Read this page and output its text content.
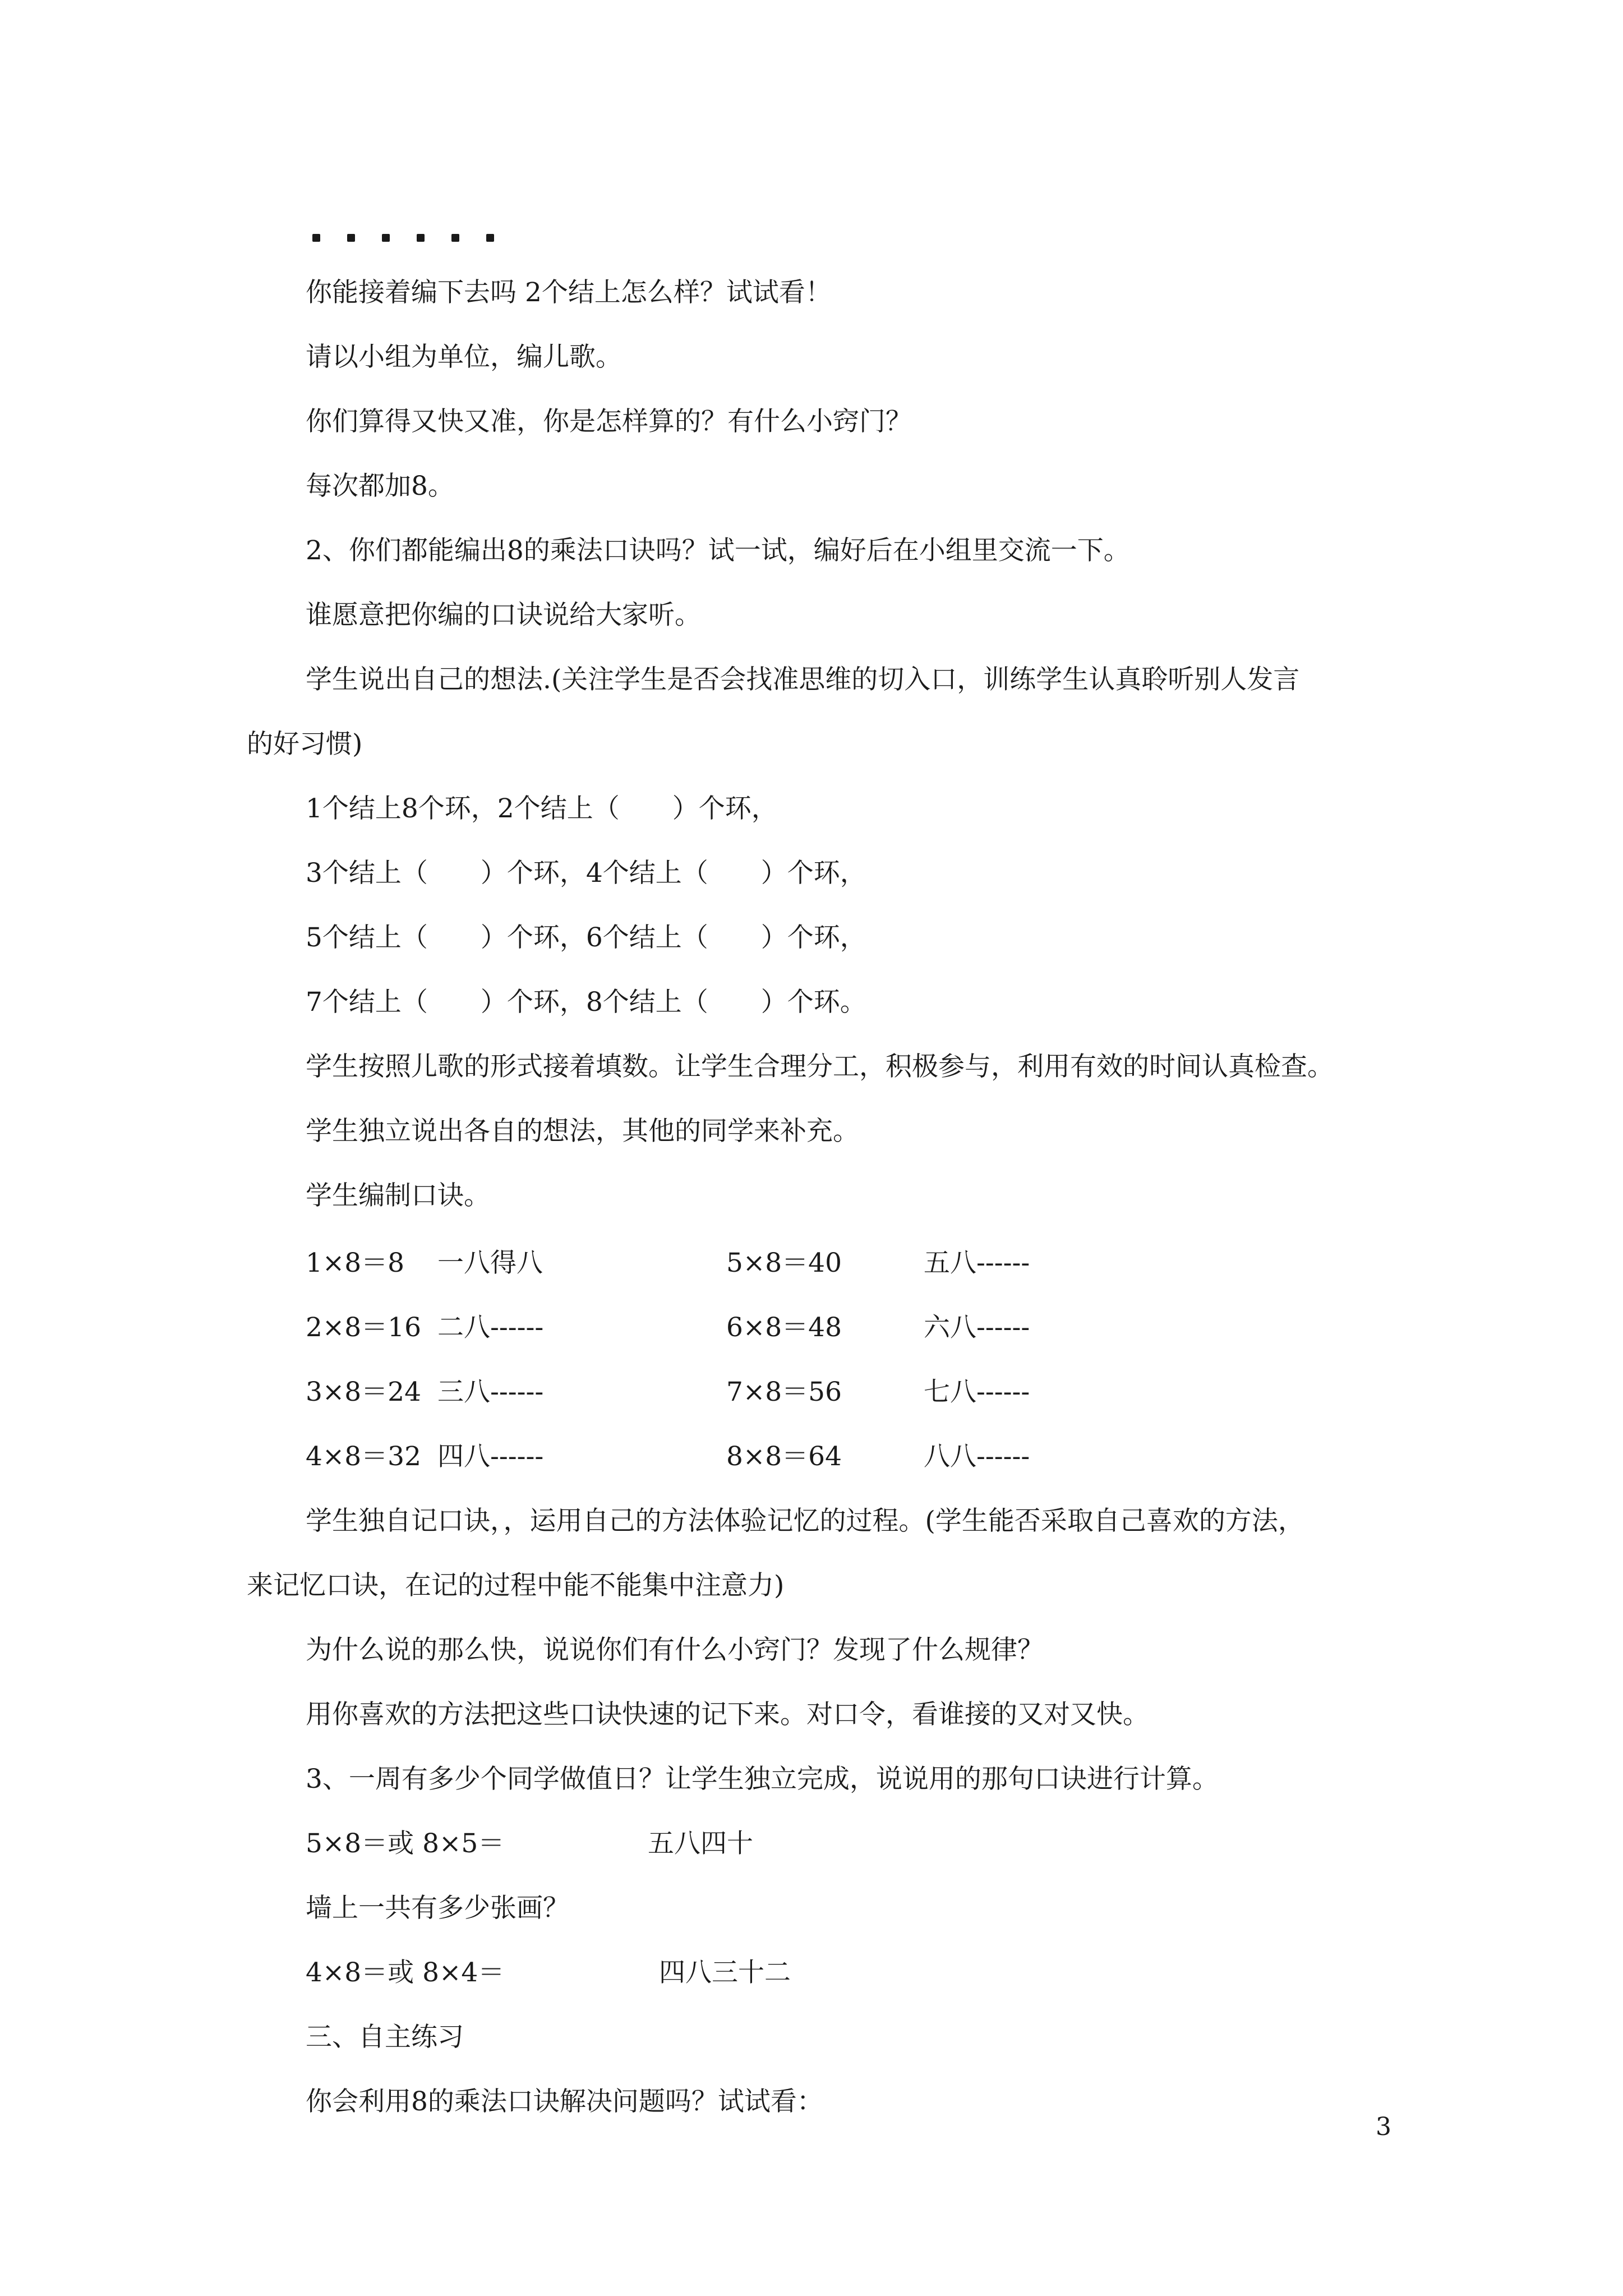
你能接着编下去吗 2个结上怎么样？试试看！
请以小组为单位，编儿歌。
你们算得又快又准，你是怎样算的？有什么小窍门？
每次都加8。
2、你们都能编出8的乘法口诀吗？试一试，编好后在小组里交流一下。
谁愿意把你编的口诀说给大家听。
学生说出自己的想法.(关注学生是否会找准思维的切入口，训练学生认真聆听别人发言
的好习惯)
1个结上8个环，2个结上（　　）个环，
3个结上（　　）个环，4个结上（　　）个环，
5个结上（　　）个环，6个结上（　　）个环，
7个结上（　　）个环，8个结上（　　）个环。
学生按照儿歌的形式接着填数。让学生合理分工，积极参与，利用有效的时间认真检查。
学生独立说出各自的想法，其他的同学来补充。
学生编制口诀。
1×8＝8 一八得八	5×8＝40	五八------
2×8＝16 二八------	6×8＝48	六八------
3×8＝24 三八------	7×8＝56	七八------
4×8＝32 四八------	8×8＝64	八八------
学生独自记口诀，，运用自己的方法体验记忆的过程。(学生能否采取自己喜欢的方法，
来记忆口诀，在记的过程中能不能集中注意力)
为什么说的那么快，说说你们有什么小窍门？发现了什么规律？
用你喜欢的方法把这些口诀快速的记下来。对口令，看谁接的又对又快。
3、一周有多少个同学做值日？让学生独立完成，说说用的那句口诀进行计算。
5×8＝或 8×5＝	五八四十
墙上一共有多少张画？
4×8＝或 8×4＝	四八三十二
三、自主练习
你会利用8的乘法口诀解决问题吗？试试看：
3
